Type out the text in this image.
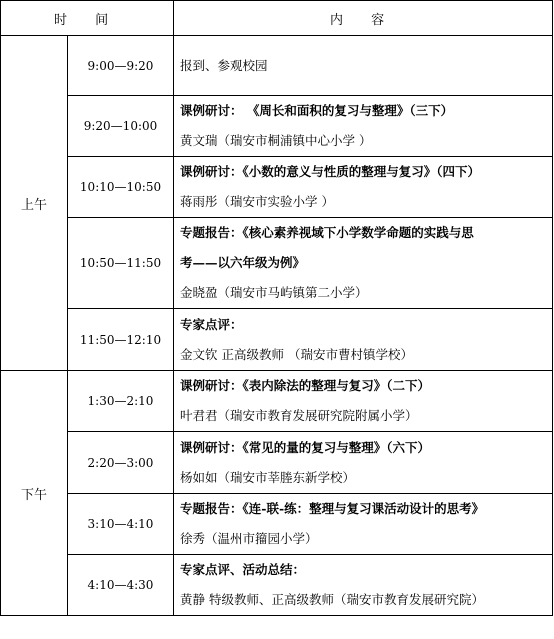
时 间		内 容
上午	9:00—9:20	报到、参观校园

	9:20—10:00	课例研讨： 《周长和面积的复习与整理》（三下）
黄文瑞（瑞安市桐浦镇中心小学 ）

	10:10—10:50	课例研讨：《小数的意义与性质的整理与复习》（四下）
蒋雨彤（瑞安市实验小学 ）

	10:50—11:50	专题报告：《核心素养视域下小学数学命题的实践与思
考——以六年级为例》
金晓盈（瑞安市马屿镇第二小学）

	11:50—12:10	专家点评：
金文钦 正高级教师 （瑞安市曹村镇学校）

下午	1:30—2:10	课例研讨：《表内除法的整理与复习》（二下）
叶君君（瑞安市教育发展研究院附属小学）

	2:20—3:00	课例研讨：《常见的量的复习与整理》（六下）
杨如如（瑞安市莘塍东新学校）

	3:10—4:10	专题报告：《连-联-练：整理与复习课活动设计的思考》
徐秀（温州市籀园小学）

	4:10—4:30	专家点评、活动总结：
黄静 特级教师、正高级教师（瑞安市教育发展研究院）
